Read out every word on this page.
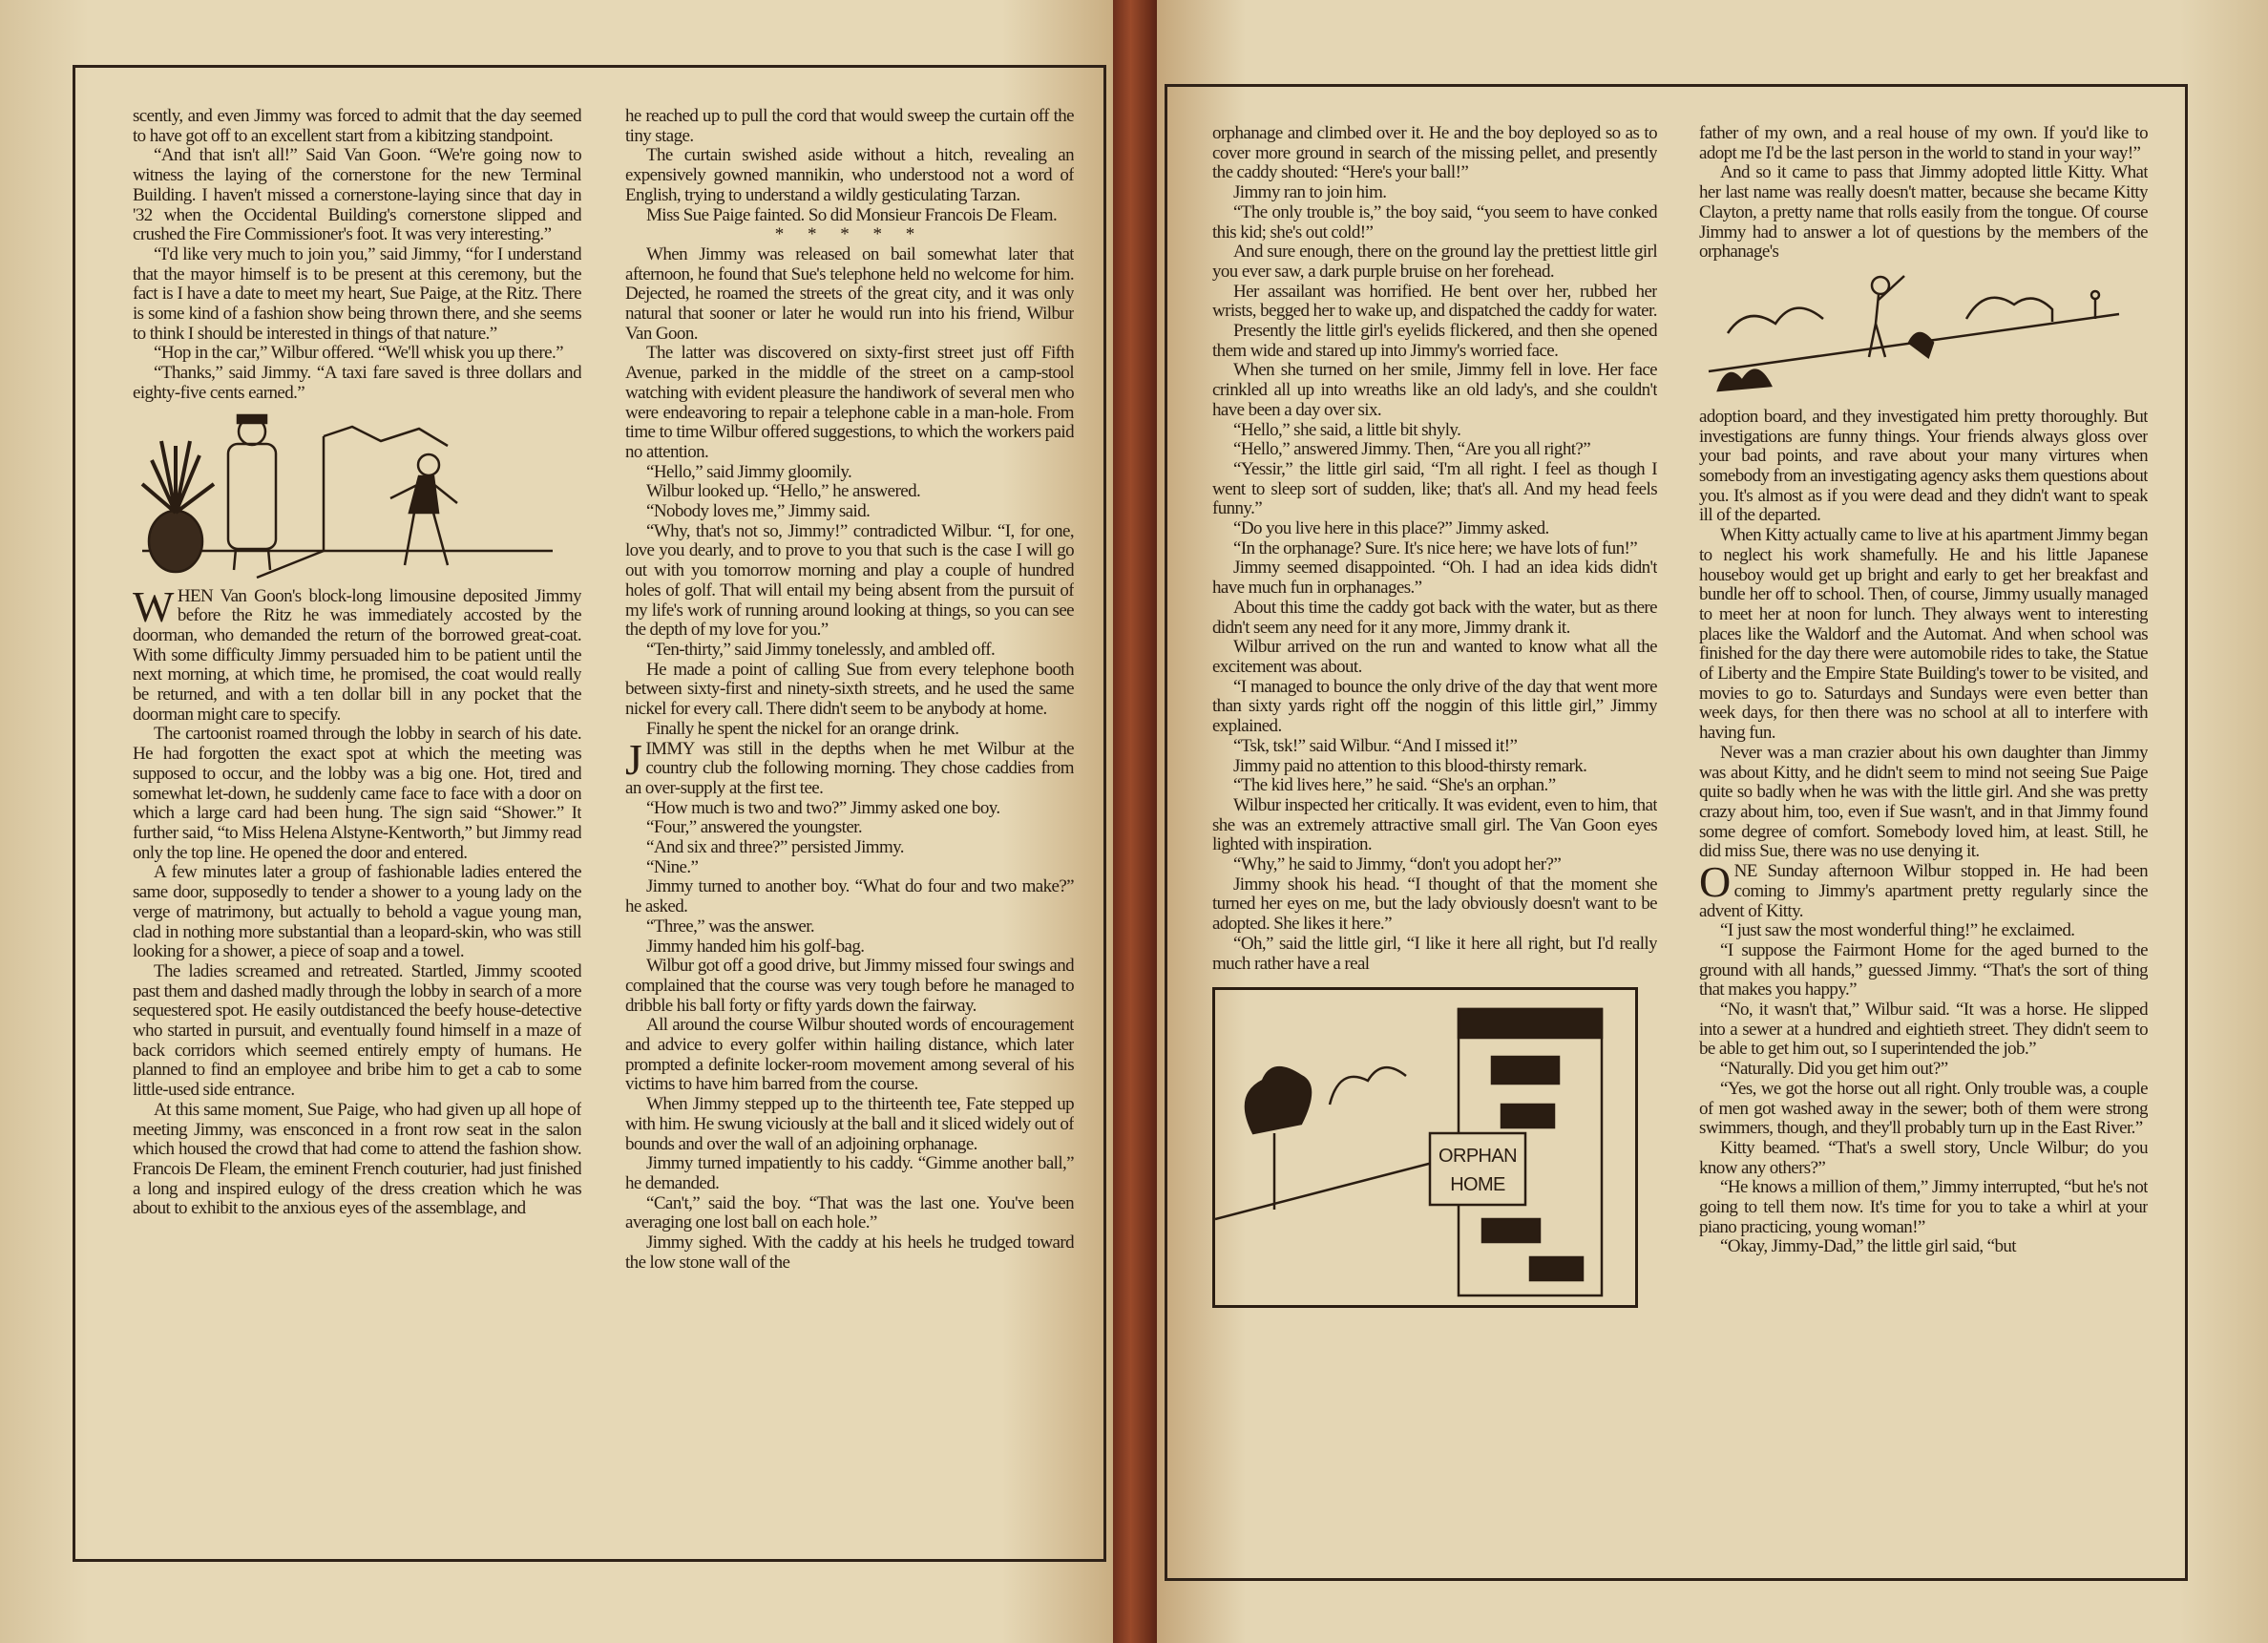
scently, and even Jimmy was forced to admit that the day seemed to have got off to an excellent start from a kibitzing standpoint.

“And that isn't all!” Said Van Goon. “We're going now to witness the laying of the cornerstone for the new Terminal Building. I haven't missed a cornerstone-laying since that day in '32 when the Occidental Building's cornerstone slipped and crushed the Fire Commissioner's foot. It was very interesting.”

“I'd like very much to join you,” said Jimmy, “for I understand that the mayor himself is to be present at this ceremony, but the fact is I have a date to meet my heart, Sue Paige, at the Ritz. There is some kind of a fashion show being thrown there, and she seems to think I should be interested in things of that nature.”

“Hop in the car,” Wilbur offered. “We'll whisk you up there.”

“Thanks,” said Jimmy. “A taxi fare saved is three dollars and eighty-five cents earned.”

WHEN Van Goon's block-long limousine deposited Jimmy before the Ritz he was immediately accosted by the doorman, who demanded the return of the borrowed great-coat. With some difficulty Jimmy persuaded him to be patient until the next morning, at which time, he promised, the coat would really be returned, and with a ten dollar bill in any pocket that the doorman might care to specify.

The cartoonist roamed through the lobby in search of his date. He had forgotten the exact spot at which the meeting was supposed to occur, and the lobby was a big one. Hot, tired and somewhat let-down, he suddenly came face to face with a door on which a large card had been hung. The sign said “Shower.” It further said, “to Miss Helena Alstyne-Kentworth,” but Jimmy read only the top line. He opened the door and entered.

A few minutes later a group of fashionable ladies entered the same door, supposedly to tender a shower to a young lady on the verge of matrimony, but actually to behold a vague young man, clad in nothing more substantial than a leopard-skin, who was still looking for a shower, a piece of soap and a towel.

The ladies screamed and retreated. Startled, Jimmy scooted past them and dashed madly through the lobby in search of a more sequestered spot. He easily outdistanced the beefy house-detective who started in pursuit, and eventually found himself in a maze of back corridors which seemed entirely empty of humans. He planned to find an employee and bribe him to get a cab to some little-used side entrance.

At this same moment, Sue Paige, who had given up all hope of meeting Jimmy, was ensconced in a front row seat in the salon which housed the crowd that had come to attend the fashion show. Francois De Fleam, the eminent French couturier, had just finished a long and inspired eulogy of the dress creation which he was about to exhibit to the anxious eyes of the assemblage, and

he reached up to pull the cord that would sweep the curtain off the tiny stage.

The curtain swished aside without a hitch, revealing an expensively gowned mannikin, who understood not a word of English, trying to understand a wildly gesticulating Tarzan.

Miss Sue Paige fainted. So did Monsieur Francois De Fleam.

* * * * *

When Jimmy was released on bail somewhat later that afternoon, he found that Sue's telephone held no welcome for him. Dejected, he roamed the streets of the great city, and it was only natural that sooner or later he would run into his friend, Wilbur Van Goon.

The latter was discovered on sixty-first street just off Fifth Avenue, parked in the middle of the street on a camp-stool watching with evident pleasure the handiwork of several men who were endeavoring to repair a telephone cable in a man-hole. From time to time Wilbur offered suggestions, to which the workers paid no attention.

“Hello,” said Jimmy gloomily.

Wilbur looked up. “Hello,” he answered.

“Nobody loves me,” Jimmy said.

“Why, that's not so, Jimmy!” contradicted Wilbur. “I, for one, love you dearly, and to prove to you that such is the case I will go out with you tomorrow morning and play a couple of hundred holes of golf. That will entail my being absent from the pursuit of my life's work of running around looking at things, so you can see the depth of my love for you.”

“Ten-thirty,” said Jimmy tonelessly, and ambled off.

He made a point of calling Sue from every telephone booth between sixty-first and ninety-sixth streets, and he used the same nickel for every call. There didn't seem to be anybody at home.

Finally he spent the nickel for an orange drink.

JIMMY was still in the depths when he met Wilbur at the country club the following morning. They chose caddies from an over-supply at the first tee.

“How much is two and two?” Jimmy asked one boy.

“Four,” answered the youngster.

“And six and three?” persisted Jimmy.

“Nine.”

Jimmy turned to another boy. “What do four and two make?” he asked.

“Three,” was the answer.

Jimmy handed him his golf-bag.

Wilbur got off a good drive, but Jimmy missed four swings and complained that the course was very tough before he managed to dribble his ball forty or fifty yards down the fairway.

All around the course Wilbur shouted words of encouragement and advice to every golfer within hailing distance, which later prompted a definite locker-room movement among several of his victims to have him barred from the course.

When Jimmy stepped up to the thirteenth tee, Fate stepped up with him. He swung viciously at the ball and it sliced widely out of bounds and over the wall of an adjoining orphanage.

Jimmy turned impatiently to his caddy. “Gimme another ball,” he demanded.

“Can't,” said the boy. “That was the last one. You've been averaging one lost ball on each hole.”

Jimmy sighed. With the caddy at his heels he trudged toward the low stone wall of the

orphanage and climbed over it. He and the boy deployed so as to cover more ground in search of the missing pellet, and presently the caddy shouted: “Here's your ball!”

Jimmy ran to join him.

“The only trouble is,” the boy said, “you seem to have conked this kid; she's out cold!”

And sure enough, there on the ground lay the prettiest little girl you ever saw, a dark purple bruise on her forehead.

Her assailant was horrified. He bent over her, rubbed her wrists, begged her to wake up, and dispatched the caddy for water.

Presently the little girl's eyelids flickered, and then she opened them wide and stared up into Jimmy's worried face.

When she turned on her smile, Jimmy fell in love. Her face crinkled all up into wreaths like an old lady's, and she couldn't have been a day over six.

“Hello,” she said, a little bit shyly.

“Hello,” answered Jimmy. Then, “Are you all right?”

“Yessir,” the little girl said, “I'm all right. I feel as though I went to sleep sort of sudden, like; that's all. And my head feels funny.”

“Do you live here in this place?” Jimmy asked.

“In the orphanage? Sure. It's nice here; we have lots of fun!”

Jimmy seemed disappointed. “Oh. I had an idea kids didn't have much fun in orphanages.”

About this time the caddy got back with the water, but as there didn't seem any need for it any more, Jimmy drank it.

Wilbur arrived on the run and wanted to know what all the excitement was about.

“I managed to bounce the only drive of the day that went more than sixty yards right off the noggin of this little girl,” Jimmy explained.

“Tsk, tsk!” said Wilbur. “And I missed it!”

Jimmy paid no attention to this blood-thirsty remark.

“The kid lives here,” he said. “She's an orphan.”

Wilbur inspected her critically. It was evident, even to him, that she was an extremely attractive small girl. The Van Goon eyes lighted with inspiration.

“Why,” he said to Jimmy, “don't you adopt her?”

Jimmy shook his head. “I thought of that the moment she turned her eyes on me, but the lady obviously doesn't want to be adopted. She likes it here.”

“Oh,” said the little girl, “I like it here all right, but I'd really much rather have a real

ORPHAN
HOME

father of my own, and a real house of my own. If you'd like to adopt me I'd be the last person in the world to stand in your way!”

And so it came to pass that Jimmy adopted little Kitty. What her last name was really doesn't matter, because she became Kitty Clayton, a pretty name that rolls easily from the tongue. Of course Jimmy had to answer a lot of questions by the members of the orphanage's

adoption board, and they investigated him pretty thoroughly. But investigations are funny things. Your friends always gloss over your bad points, and rave about your many virtures when somebody from an investigating agency asks them questions about you. It's almost as if you were dead and they didn't want to speak ill of the departed.

When Kitty actually came to live at his apartment Jimmy began to neglect his work shamefully. He and his little Japanese houseboy would get up bright and early to get her breakfast and bundle her off to school. Then, of course, Jimmy usually managed to meet her at noon for lunch. They always went to interesting places like the Waldorf and the Automat. And when school was finished for the day there were automobile rides to take, the Statue of Liberty and the Empire State Building's tower to be visited, and movies to go to. Saturdays and Sundays were even better than week days, for then there was no school at all to interfere with having fun.

Never was a man crazier about his own daughter than Jimmy was about Kitty, and he didn't seem to mind not seeing Sue Paige quite so badly when he was with the little girl. And she was pretty crazy about him, too, even if Sue wasn't, and in that Jimmy found some degree of comfort. Somebody loved him, at least. Still, he did miss Sue, there was no use denying it.

ONE Sunday afternoon Wilbur stopped in. He had been coming to Jimmy's apartment pretty regularly since the advent of Kitty.

“I just saw the most wonderful thing!” he exclaimed.

“I suppose the Fairmont Home for the aged burned to the ground with all hands,” guessed Jimmy. “That's the sort of thing that makes you happy.”

“No, it wasn't that,” Wilbur said. “It was a horse. He slipped into a sewer at a hundred and eightieth street. They didn't seem to be able to get him out, so I superintended the job.”

“Naturally. Did you get him out?”

“Yes, we got the horse out all right. Only trouble was, a couple of men got washed away in the sewer; both of them were strong swimmers, though, and they'll probably turn up in the East River.”

Kitty beamed. “That's a swell story, Uncle Wilbur; do you know any others?”

“He knows a million of them,” Jimmy interrupted, “but he's not going to tell them now. It's time for you to take a whirl at your piano practicing, young woman!”

“Okay, Jimmy-Dad,” the little girl said, “but
